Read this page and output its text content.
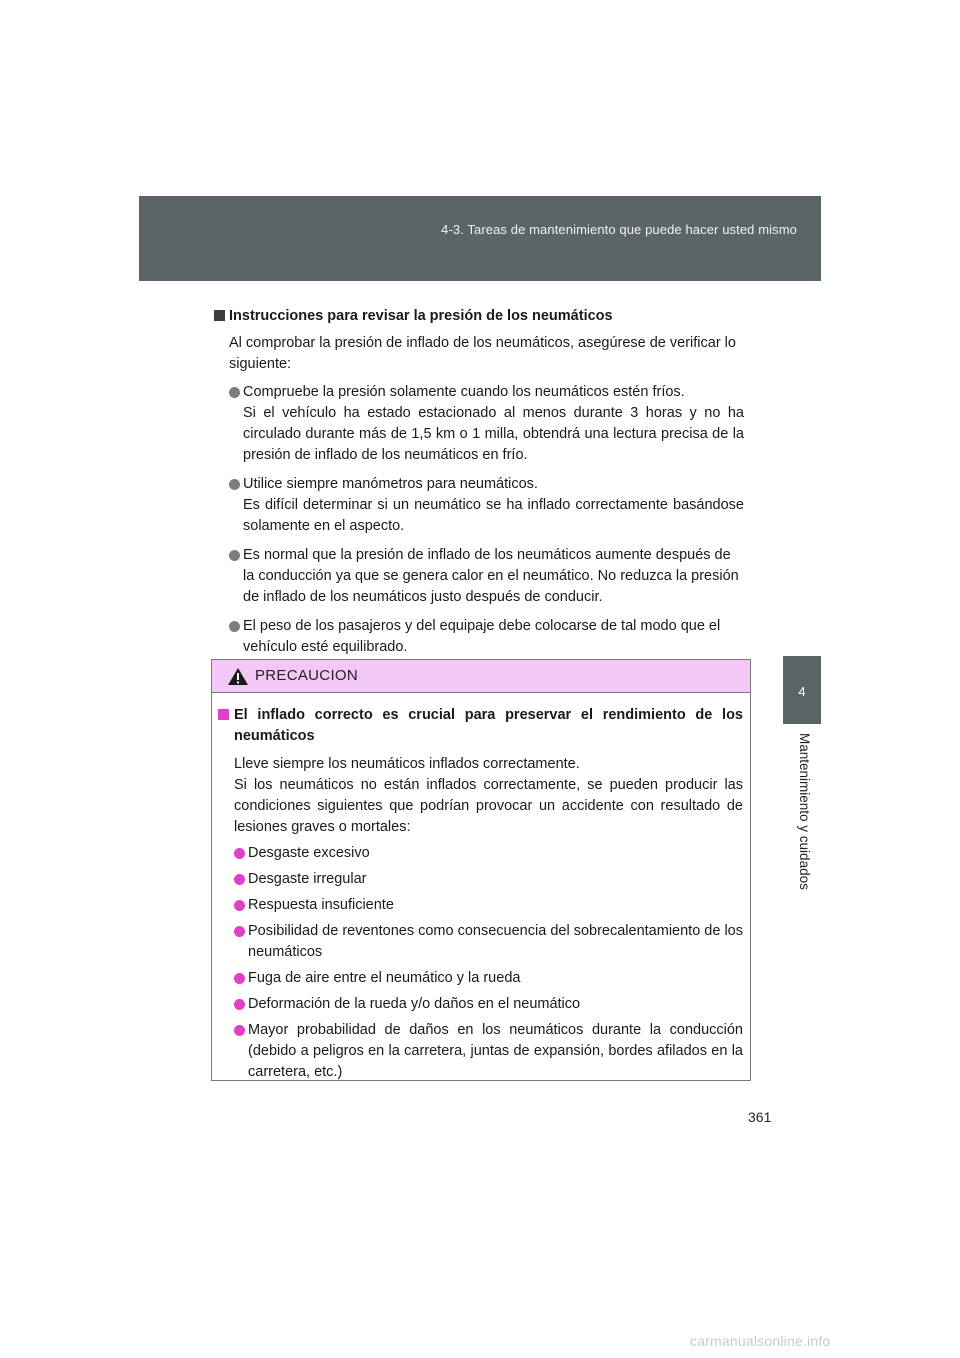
4-3. Tareas de mantenimiento que puede hacer usted mismo
4
Mantenimiento y cuidados
Instrucciones para revisar la presión de los neumáticos
Al comprobar la presión de inflado de los neumáticos, asegúrese de verificar lo siguiente:
Compruebe la presión solamente cuando los neumáticos estén fríos.
Si el vehículo ha estado estacionado al menos durante 3 horas y no ha circulado durante más de 1,5 km o 1 milla, obtendrá una lectura precisa de la presión de inflado de los neumáticos en frío.
Utilice siempre manómetros para neumáticos.
Es difícil determinar si un neumático se ha inflado correctamente basándose solamente en el aspecto.
Es normal que la presión de inflado de los neumáticos aumente después de la conducción ya que se genera calor en el neumático. No reduzca la presión de inflado de los neumáticos justo después de conducir.
El peso de los pasajeros y del equipaje debe colocarse de tal modo que el vehículo esté equilibrado.
PRECAUCION
El inflado correcto es crucial para preservar el rendimiento de los neumáticos
Lleve siempre los neumáticos inflados correctamente.
Si los neumáticos no están inflados correctamente, se pueden producir las condiciones siguientes que podrían provocar un accidente con resultado de lesiones graves o mortales:
Desgaste excesivo
Desgaste irregular
Respuesta insuficiente
Posibilidad de reventones como consecuencia del sobrecalentamiento de los neumáticos
Fuga de aire entre el neumático y la rueda
Deformación de la rueda y/o daños en el neumático
Mayor probabilidad de daños en los neumáticos durante la conducción (debido a peligros en la carretera, juntas de expansión, bordes afilados en la carretera, etc.)
361
carmanualsonline.info
